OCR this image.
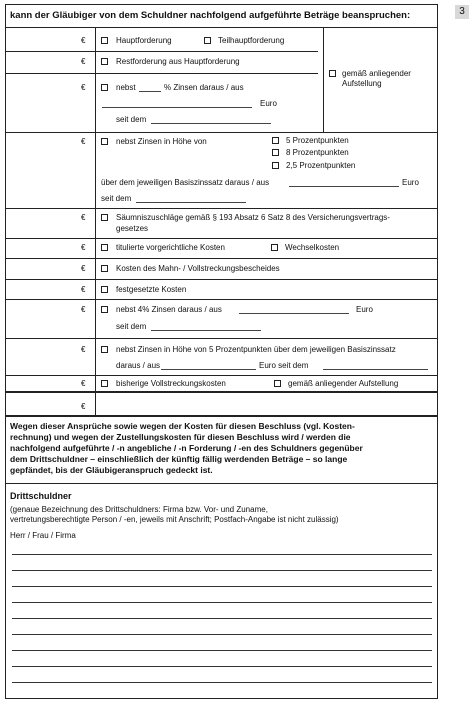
3
kann der Gläubiger von dem Schuldner nachfolgend aufgeführte Beträge beanspruchen:
€	Hauptforderung	Teilhauptforderung
€	Restforderung aus Hauptforderung
gemäß anliegender Aufstellung
€	nebst	% Zinsen daraus / aus
Euro
seit dem
€	nebst Zinsen in Höhe von	5 Prozentpunkten
8 Prozentpunkten
2,5 Prozentpunkten
über dem jeweiligen Basiszinssatz daraus / aus	Euro
seit dem
€	Säumniszuschläge gemäß § 193 Absatz 6 Satz 8 des Versicherungsvertrags-
gesetzes
€	titulierte vorgerichtliche Kosten	Wechselkosten
€	Kosten des Mahn- / Vollstreckungsbescheides
€	festgesetzte Kosten
€	nebst 4% Zinsen daraus / aus	Euro
seit dem
€	nebst Zinsen in Höhe von 5 Prozentpunkten über dem jeweiligen Basiszinssatz
daraus / aus	Euro seit dem
€	bisherige Vollstreckungskosten	gemäß anliegender Aufstellung
€
Wegen dieser Ansprüche sowie wegen der Kosten für diesen Beschluss (vgl. Kosten-
rechnung) und wegen der Zustellungskosten für diesen Beschluss wird / werden die
nachfolgend aufgeführte / -n angebliche / -n Forderung / -en des Schuldners gegenüber
dem Drittschuldner – einschließlich der künftig fällig werdenden Beträge – so lange
gepfändet, bis der Gläubigeranspruch gedeckt ist.
Drittschuldner
(genaue Bezeichnung des Drittschuldners: Firma bzw. Vor- und Zuname,
vertretungsberechtigte Person / -en, jeweils mit Anschrift; Postfach-Angabe ist nicht zulässig)
Herr / Frau / Firma
